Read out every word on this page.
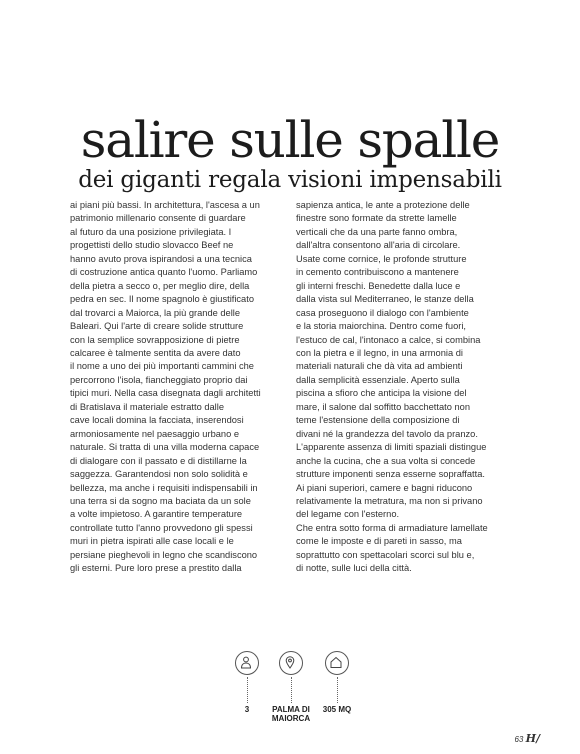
salire sulle spalle
dei giganti regala visioni impensabili
ai piani più bassi. In architettura, l'ascesa a un
patrimonio millenario consente di guardare
al futuro da una posizione privilegiata. I
progettisti dello studio slovacco Beef ne
hanno avuto prova ispirandosi a una tecnica
di costruzione antica quanto l'uomo. Parliamo
della pietra a secco o, per meglio dire, della
pedra en sec. Il nome spagnolo è giustificato
dal trovarci a Maiorca, la più grande delle
Baleari. Qui l'arte di creare solide strutture
con la semplice sovrapposizione di pietre
calcaree è talmente sentita da avere dato
il nome a uno dei più importanti cammini che
percorrono l'isola, fiancheggiato proprio dai
tipici muri. Nella casa disegnata dagli architetti
di Bratislava il materiale estratto dalle
cave locali domina la facciata, inserendosi
armoniosamente nel paesaggio urbano e
naturale. Si tratta di una villa moderna capace
di dialogare con il passato e di distillarne la
saggezza. Garantendosi non solo solidità e
bellezza, ma anche i requisiti indispensabili in
una terra si da sogno ma baciata da un sole
a volte impietoso. A garantire temperature
controllate tutto l'anno provvedono gli spessi
muri in pietra ispirati alle case locali e le
persiane pieghevoli in legno che scandiscono
gli esterni. Pure loro prese a prestito dalla
sapienza antica, le ante a protezione delle
finestre sono formate da strette lamelle
verticali che da una parte fanno ombra,
dall'altra consentono all'aria di circolare.
Usate come cornice, le profonde strutture
in cemento contribuiscono a mantenere
gli interni freschi. Benedette dalla luce e
dalla vista sul Mediterraneo, le stanze della
casa proseguono il dialogo con l'ambiente
e la storia maiorchina. Dentro come fuori,
l'estuco de cal, l'intonaco a calce, si combina
con la pietra e il legno, in una armonia di
materiali naturali che dà vita ad ambienti
dalla semplicità essenziale. Aperto sulla
piscina a sfioro che anticipa la visione del
mare, il salone dal soffitto bacchettato non
teme l'estensione della composizione di
divani né la grandezza del tavolo da pranzo.
L'apparente assenza di limiti spaziali distingue
anche la cucina, che a sua volta si concede
strutture imponenti senza esserne sopraffatta.
Ai piani superiori, camere e bagni riducono
relativamente la metratura, ma non si privano
del legame con l'esterno.
Che entra sotto forma di armadiature lamellate
come le imposte e di pareti in sasso, ma
soprattutto con spettacolari scorci sul blu e,
di notte, sulle luci della città.
3	PALMA DI MAIORCA
305 MQ
63 H/
